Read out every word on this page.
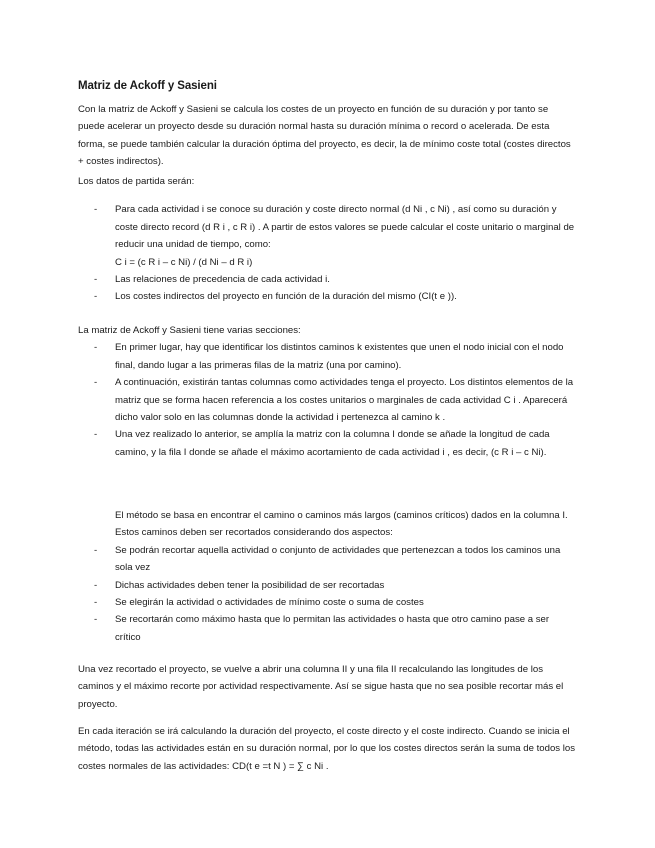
Matriz de Ackoff y Sasieni

Con la matriz de Ackoff y Sasieni se calcula los costes de un proyecto en función de su duración y por tanto se puede acelerar un proyecto desde su duración normal hasta su duración mínima o record o acelerada. De esta forma, se puede también calcular la duración óptima del proyecto, es decir, la de mínimo coste total (costes directos + costes indirectos).

Los datos de partida serán:

- Para cada actividad i se conoce su duración y coste directo normal (d Ni , c Ni) , así como su duración y coste directo record (d R i , c R i) . A partir de estos valores se puede calcular el coste unitario o marginal de reducir una unidad de tiempo, como:
C i = (c R i – c Ni) / (d Ni – d R i)
- Las relaciones de precedencia de cada actividad i.
- Los costes indirectos del proyecto en función de la duración del mismo (CI(t e )).

La matriz de Ackoff y Sasieni tiene varias secciones:

- En primer lugar, hay que identificar los distintos caminos k existentes que unen el nodo inicial con el nodo final, dando lugar a las primeras filas de la matriz (una por camino).
- A continuación, existirán tantas columnas como actividades tenga el proyecto. Los distintos elementos de la matriz que se forma hacen referencia a los costes unitarios o marginales de cada actividad C i . Aparecerá dicho valor solo en las columnas donde la actividad i pertenezca al camino k .
- Una vez realizado lo anterior, se amplía la matriz con la columna I donde se añade la longitud de cada camino, y la fila I donde se añade el máximo acortamiento de cada actividad i , es decir, (c R i – c Ni).

El método se basa en encontrar el camino o caminos más largos (caminos críticos) dados en la columna I. Estos caminos deben ser recortados considerando dos aspectos:

- Se podrán recortar aquella actividad o conjunto de actividades que pertenezcan a todos los caminos una sola vez
- Dichas actividades deben tener la posibilidad de ser recortadas
- Se elegirán la actividad o actividades de mínimo coste o suma de costes
- Se recortarán como máximo hasta que lo permitan las actividades o hasta que otro camino pase a ser crítico

Una vez recortado el proyecto, se vuelve a abrir una columna II y una fila II recalculando las longitudes de los caminos y el máximo recorte por actividad respectivamente. Así se sigue hasta que no sea posible recortar más el proyecto.

En cada iteración se irá calculando la duración del proyecto, el coste directo y el coste indirecto. Cuando se inicia el método, todas las actividades están en su duración normal, por lo que los costes directos serán la suma de todos los costes normales de las actividades: CD(t e =t N ) = ∑ c Ni .
